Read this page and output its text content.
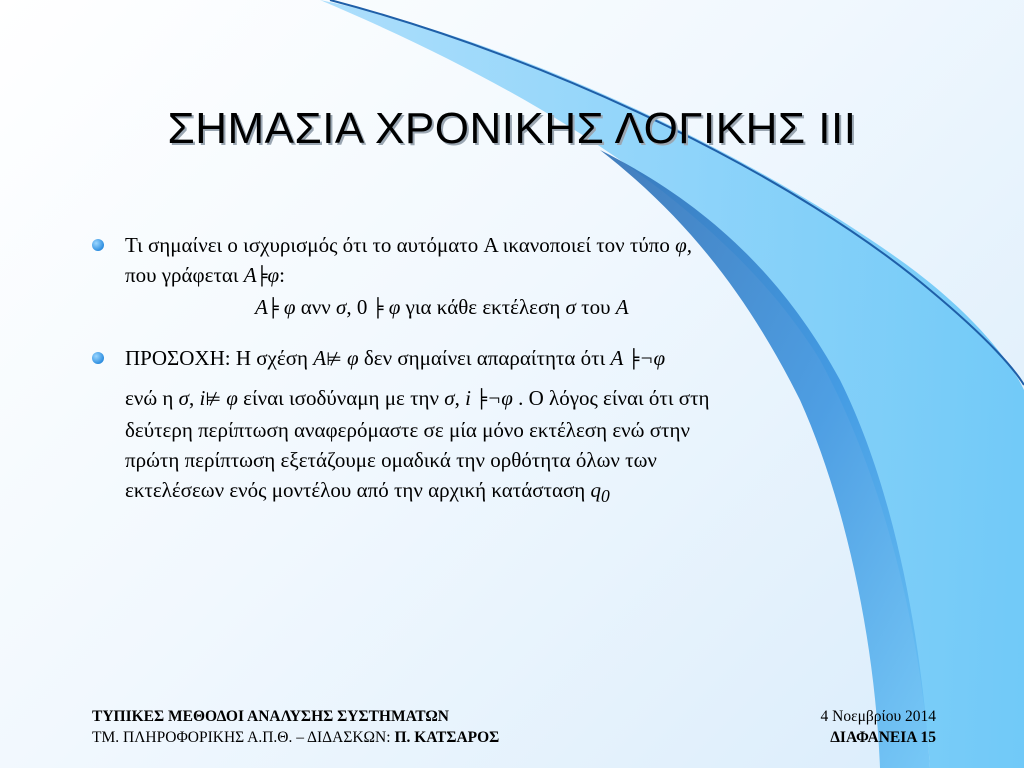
ΣΗΜΑΣΙΑ ΧΡΟΝΙΚΗΣ ΛΟΓΙΚΗΣ ΙΙΙ
Τι σημαίνει ο ισχυρισμός ότι το αυτόματο A ικανοποιεί τον τύπο φ,
που γράφεται A╞φ:
A╞ φ ανν σ, 0 ╞ φ για κάθε εκτέλεση σ του A
ΠΡΟΣΟΧΗ: Η σχέση A⊭ φ δεν σημαίνει απαραίτητα ότι A ╞¬φ
ενώ η σ, i⊭ φ είναι ισοδύναμη με την σ, i ╞¬φ . Ο λόγος είναι ότι στη
δεύτερη περίπτωση αναφερόμαστε σε μία μόνο εκτέλεση ενώ στην
πρώτη περίπτωση εξετάζουμε ομαδικά την ορθότητα όλων των
εκτελέσεων ενός μοντέλου από την αρχική κατάσταση $q_0$
ΤΥΠΙΚΕΣ ΜΕΘΟΔΟΙ ΑΝΑΛΥΣΗΣ ΣΥΣΤΗΜΑΤΩΝ
ΤΜ. ΠΛΗΡΟΦΟΡΙΚΗΣ Α.Π.Θ. – ΔΙΔΑΣΚΩΝ: Π. ΚΑΤΣΑΡΟΣ
4 Νοεμβρίου 2014
ΔΙΑΦΑΝΕΙΑ 15
